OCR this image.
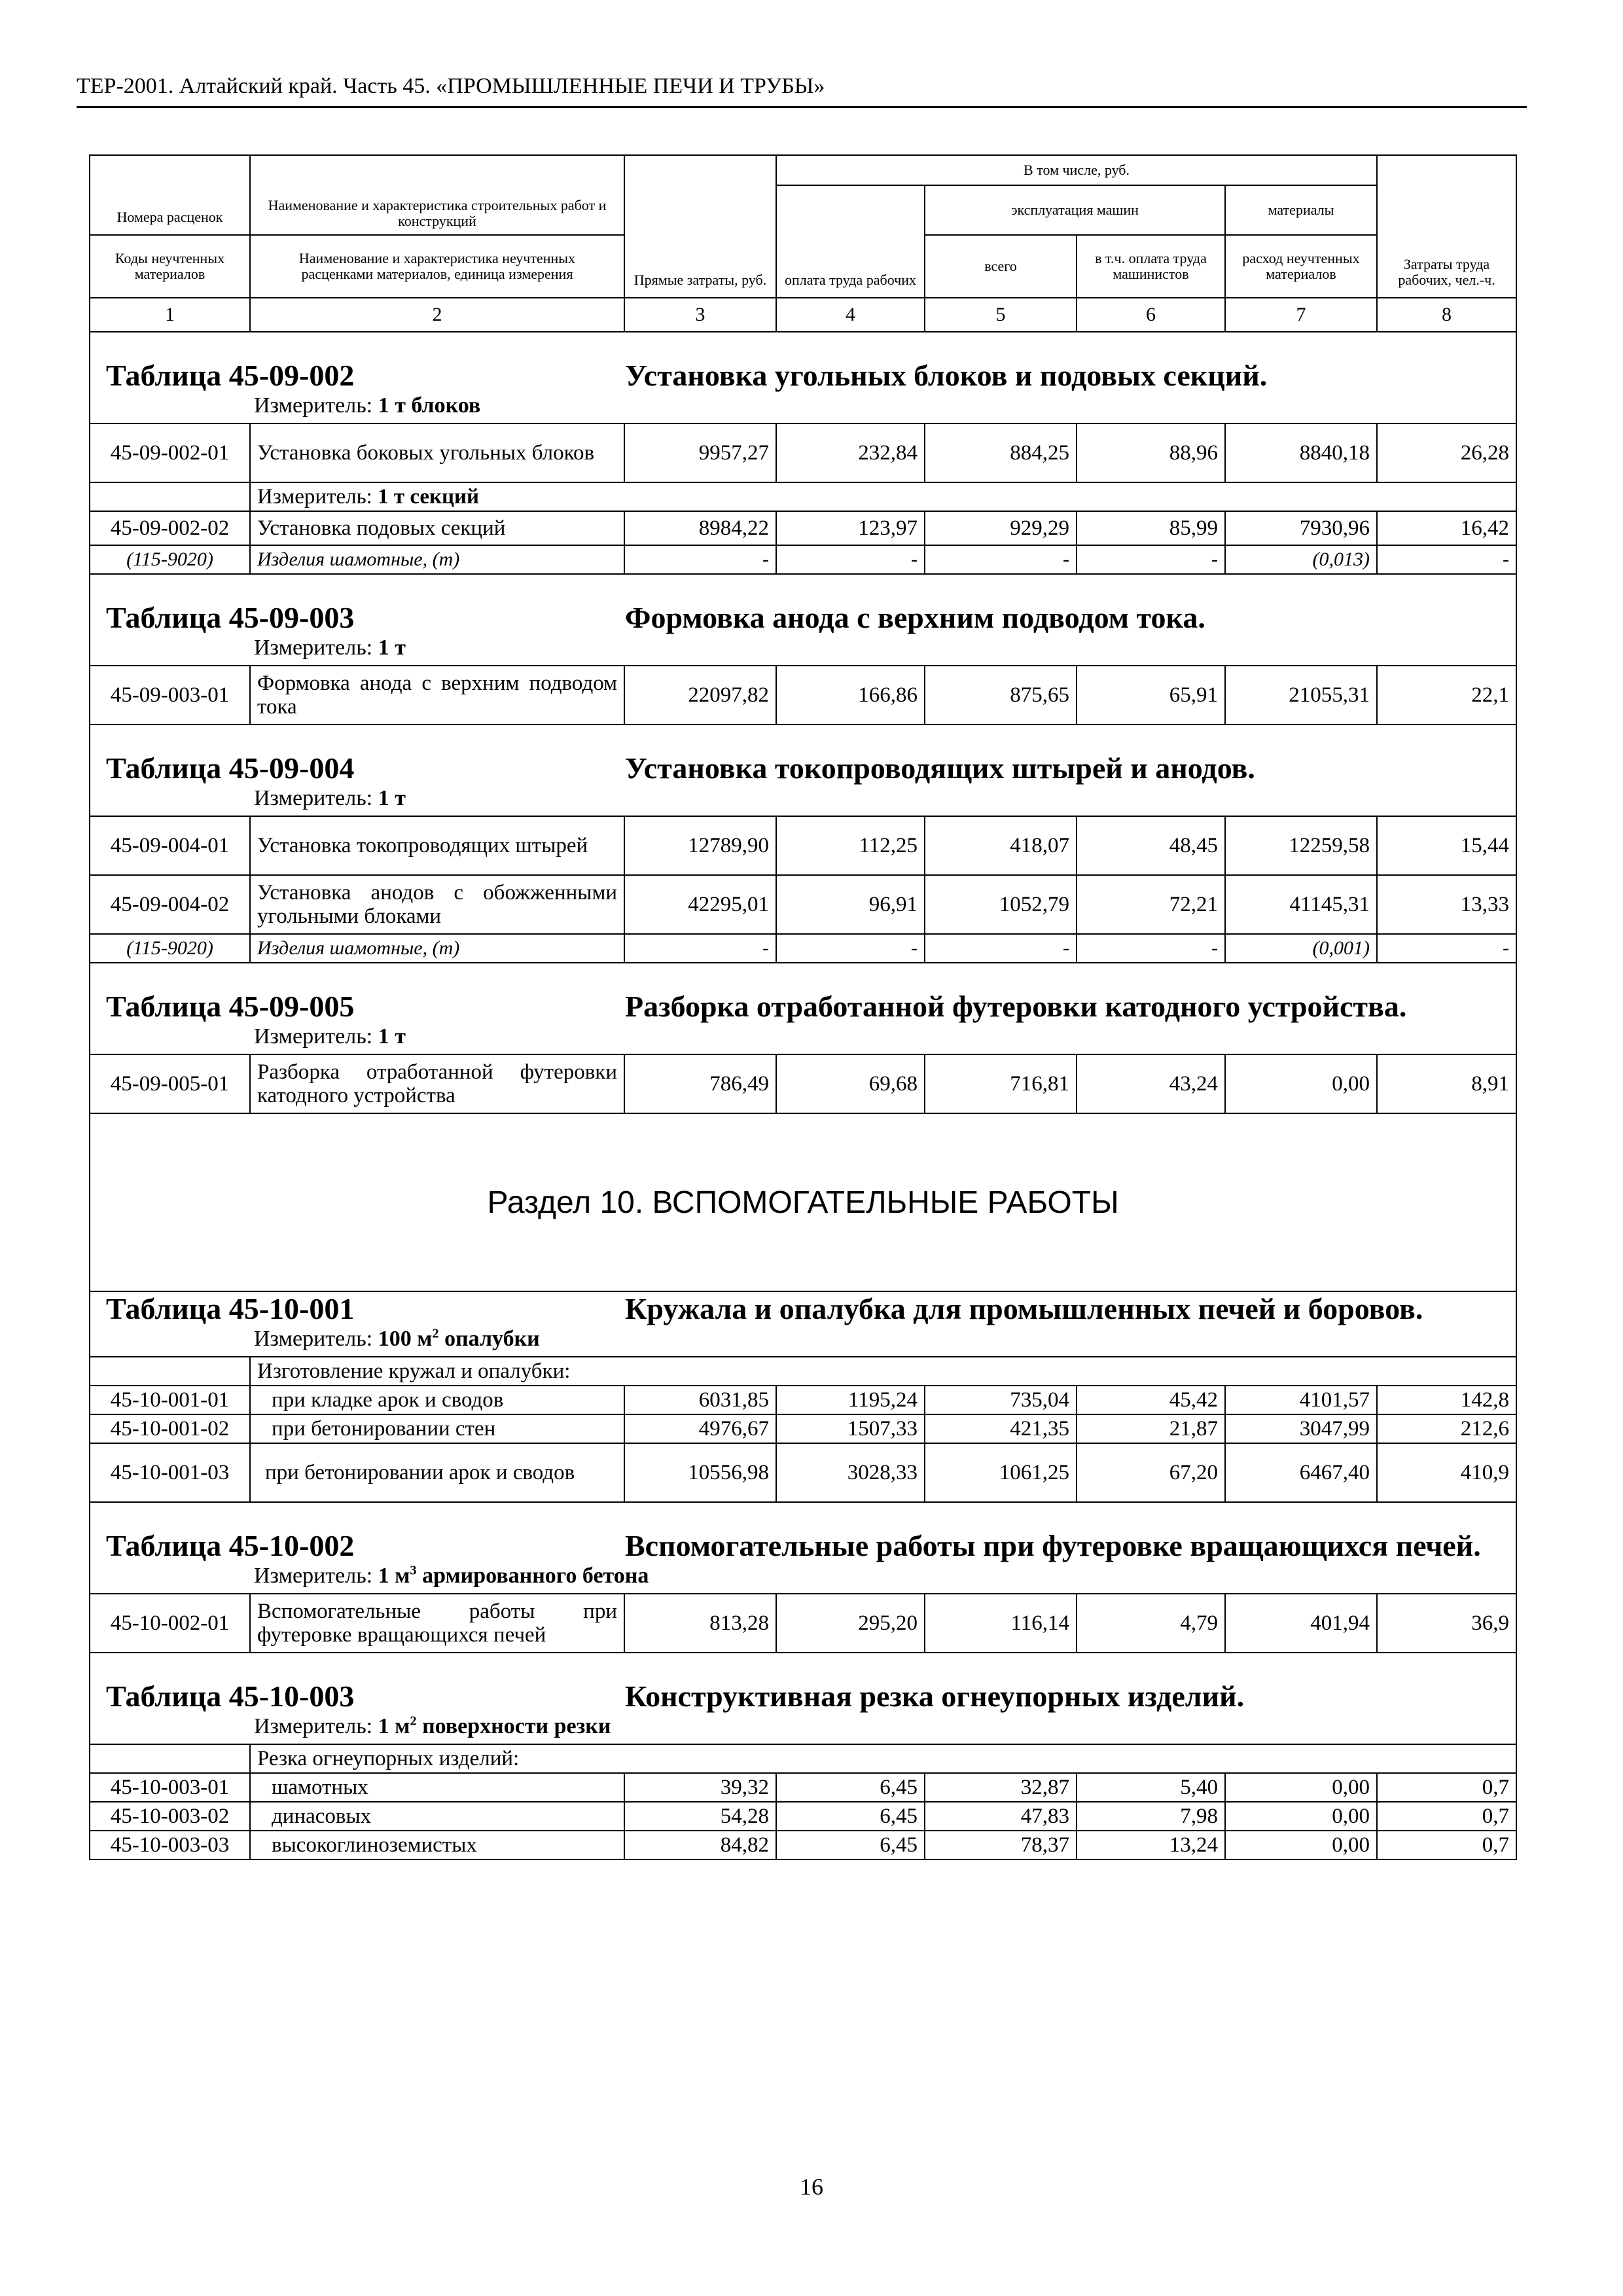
ТЕР-2001. Алтайский край. Часть 45. «ПРОМЫШЛЕННЫЕ ПЕЧИ И ТРУБЫ»
Номера расценок	Наименование и характеристика строительных работ и конструкций	Прямые затраты, руб.	В том числе, руб.				Затраты труда рабочих, чел.-ч.
			оплата труда рабочих	эксплуатация машин		материалы	
Коды неучтенных материалов	Наименование и характеристика неучтенных расценками материалов, единица измерения			всего	в т.ч. оплата труда машинистов	расход неучтенных материалов	
1	2	3	4	5	6	7	8

Таблица 45-09-002 Установка угольных блоков и подовых секций.
Измеритель: 1 т блоков							

45-09-002-01	Установка боковых угольных блоков	9957,27	232,84	884,25	88,96	8840,18	26,28
	Измеритель: 1 т секций						
45-09-002-02	Установка подовых секций	8984,22	123,97	929,29	85,99	7930,96	16,42
(115-9020)	Изделия шамотные, (т)	-	-	-	-	(0,013)	-

Таблица 45-09-003 Формовка анода с верхним подводом тока.
Измеритель: 1 т							

45-09-003-01	Формовка анода с верхним подводом тока	22097,82	166,86	875,65	65,91	21055,31	22,1

Таблица 45-09-004 Установка токопроводящих штырей и анодов.
Измеритель: 1 т							

45-09-004-01	Установка токопроводящих штырей	12789,90	112,25	418,07	48,45	12259,58	15,44
45-09-004-02	Установка анодов с обожженными угольными блоками	42295,01	96,91	1052,79	72,21	41145,31	13,33
(115-9020)	Изделия шамотные, (т)	-	-	-	-	(0,001)	-

Таблица 45-09-005 Разборка отработанной футеровки катодного устройства.
Измеритель: 1 т							

45-09-005-01	Разборка отработанной футеровки катодного устройства	786,49	69,68	716,81	43,24	0,00	8,91
Раздел 10. ВСПОМОГАТЕЛЬНЫЕ РАБОТЫ							

Таблица 45-10-001 Кружала и опалубка для промышленных печей и боровов.
Измеритель: 100 $м^2$ опалубки							

	Изготовление кружал и опалубки:						
45-10-001-01	при кладке арок и сводов	6031,85	1195,24	735,04	45,42	4101,57	142,8
45-10-001-02	при бетонировании стен	4976,67	1507,33	421,35	21,87	3047,99	212,6
45-10-001-03	при бетонировании арок и сводов	10556,98	3028,33	1061,25	67,20	6467,40	410,9

Таблица 45-10-002 Вспомогательные работы при футеровке вращающихся печей.
Измеритель: 1 $м^3$ армированного бетона							

45-10-002-01	Вспомогательные работы при футеровке вращающихся печей	813,28	295,20	116,14	4,79	401,94	36,9

Таблица 45-10-003 Конструктивная резка огнеупорных изделий.
Измеритель: 1 $м^2$ поверхности резки							

	Резка огнеупорных изделий:						
45-10-003-01	шамотных	39,32	6,45	32,87	5,40	0,00	0,7
45-10-003-02	динасовых	54,28	6,45	47,83	7,98	0,00	0,7
45-10-003-03	высокоглиноземистых	84,82	6,45	78,37	13,24	0,00	0,7
16
